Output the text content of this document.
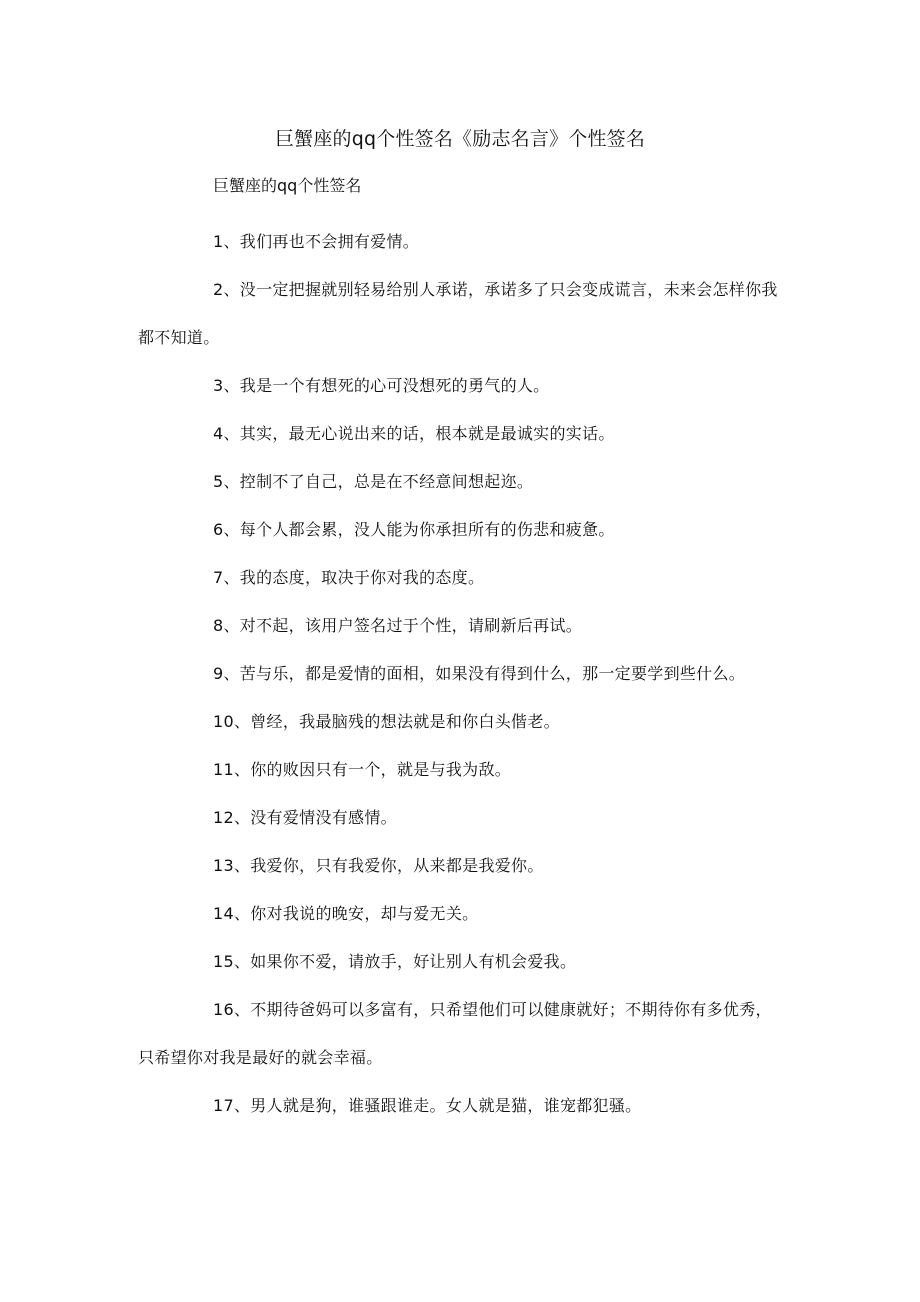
巨蟹座的qq个性签名《励志名言》个性签名

巨蟹座的qq个性签名

1、我们再也不会拥有爱情。

2、没一定把握就别轻易给别人承诺，承诺多了只会变成谎言，未来会怎样你我都不知道。

3、我是一个有想死的心可没想死的勇气的人。

4、其实，最无心说出来的话，根本就是最诚实的实话。

5、控制不了自己，总是在不经意间想起迩。

6、每个人都会累，没人能为你承担所有的伤悲和疲惫。

7、我的态度，取决于你对我的态度。

8、对不起，该用户签名过于个性，请刷新后再试。

9、苦与乐，都是爱情的面相，如果没有得到什么，那一定要学到些什么。

10、曾经，我最脑残的想法就是和你白头偕老。

11、你的败因只有一个，就是与我为敌。

12、没有爱情没有感情。

13、我爱你，只有我爱你，从来都是我爱你。

14、你对我说的晚安，却与爱无关。

15、如果你不爱，请放手，好让别人有机会爱我。

16、不期待爸妈可以多富有，只希望他们可以健康就好；不期待你有多优秀，只希望你对我是最好的就会幸福。

17、男人就是狗，谁骚跟谁走。女人就是猫，谁宠都犯骚。
